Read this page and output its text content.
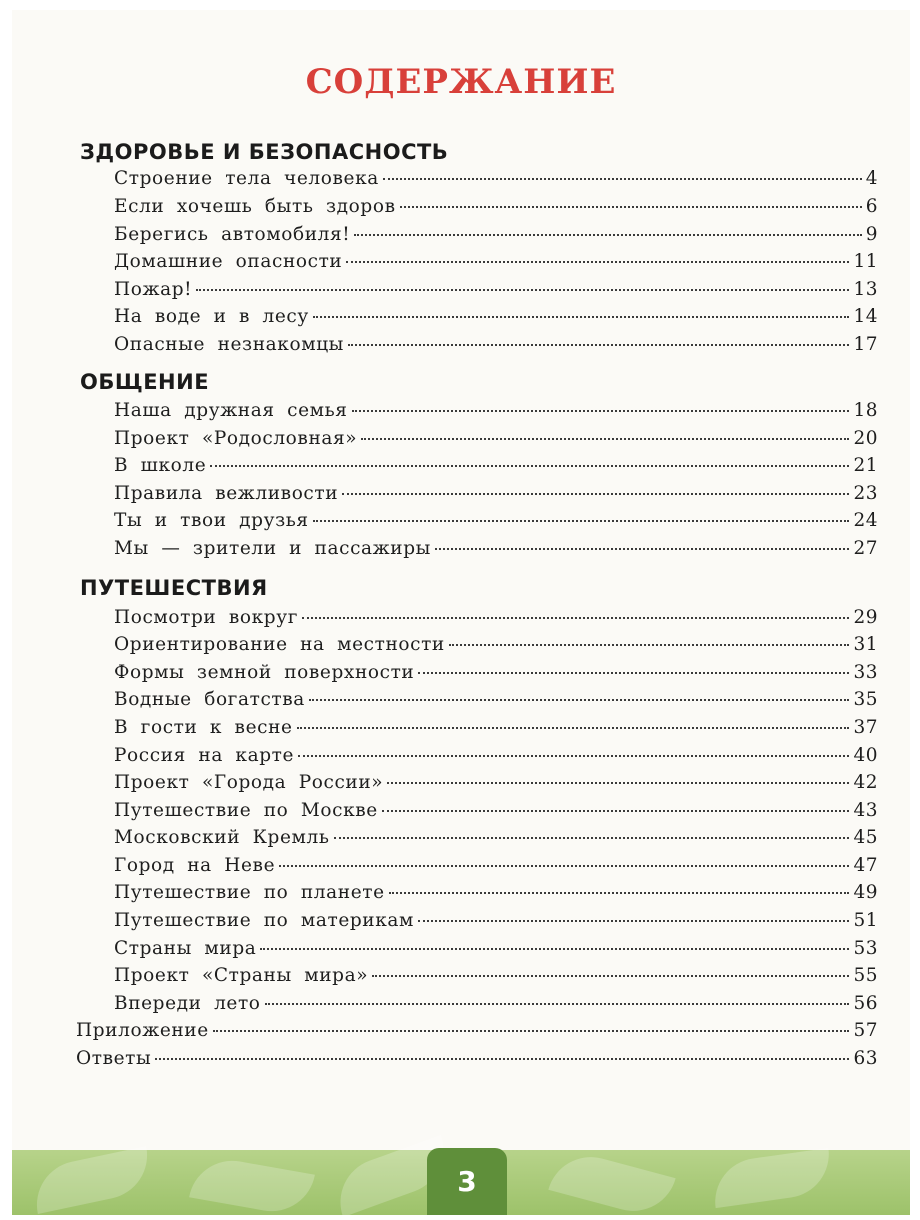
СОДЕРЖАНИЕ
ЗДОРОВЬЕ И БЕЗОПАСНОСТЬ
Строение тела человека	4
Если хочешь быть здоров	6
Берегись автомобиля!	9
Домашние опасности	11
Пожар!	13
На воде и в лесу	14
Опасные незнакомцы	17
ОБЩЕНИЕ
Наша дружная семья	18
Проект «Родословная»	20
В школе	21
Правила вежливости	23
Ты и твои друзья	24
Мы — зрители и пассажиры	27
ПУТЕШЕСТВИЯ
Посмотри вокруг	29
Ориентирование на местности	31
Формы земной поверхности	33
Водные богатства	35
В гости к весне	37
Россия на карте	40
Проект «Города России»	42
Путешествие по Москве	43
Московский Кремль	45
Город на Неве	47
Путешествие по планете	49
Путешествие по материкам	51
Страны мира	53
Проект «Страны мира»	55
Впереди лето	56
Приложение	57
Ответы	63
3
